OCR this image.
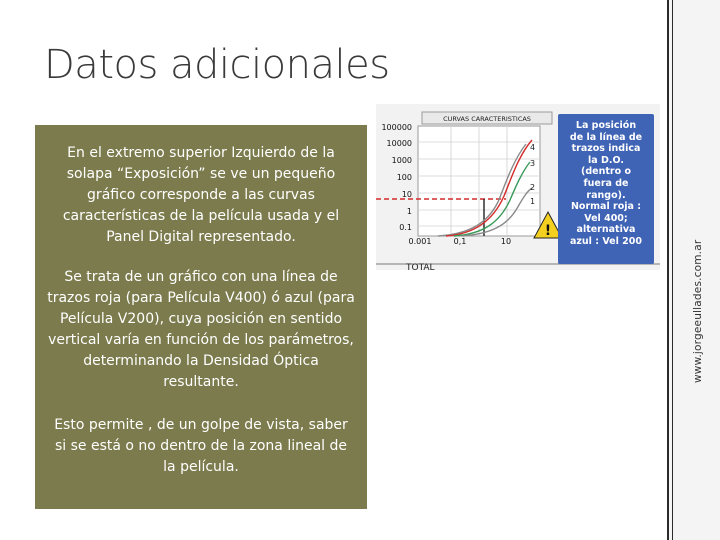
Datos adicionales

En el extremo superior Izquierdo de la solapa “Exposición” se ve un pequeño gráfico corresponde a las curvas características de la película usada y el Panel Digital representado.

Se trata de un gráfico con una línea de trazos roja (para Película V400) ó azul (para Película V200), cuya posición en sentido vertical varía en función de los parámetros, determinando la Densidad Óptica resultante.

Esto permite , de un golpe de vista, saber si se está o no dentro de la zona lineal de la película.

CURVAS CARACTERISTICAS
100000
10000
1000
100
10
1
0.1
0.001	0,1	10
4
3
2
1
!
TOTAL
La posición
de la línea de
trazos indica
la D.O.
(dentro o
fuera de
rango).
Normal roja :
Vel 400;
alternativa
azul : Vel 200	www.jorgeeullades.com.ar
